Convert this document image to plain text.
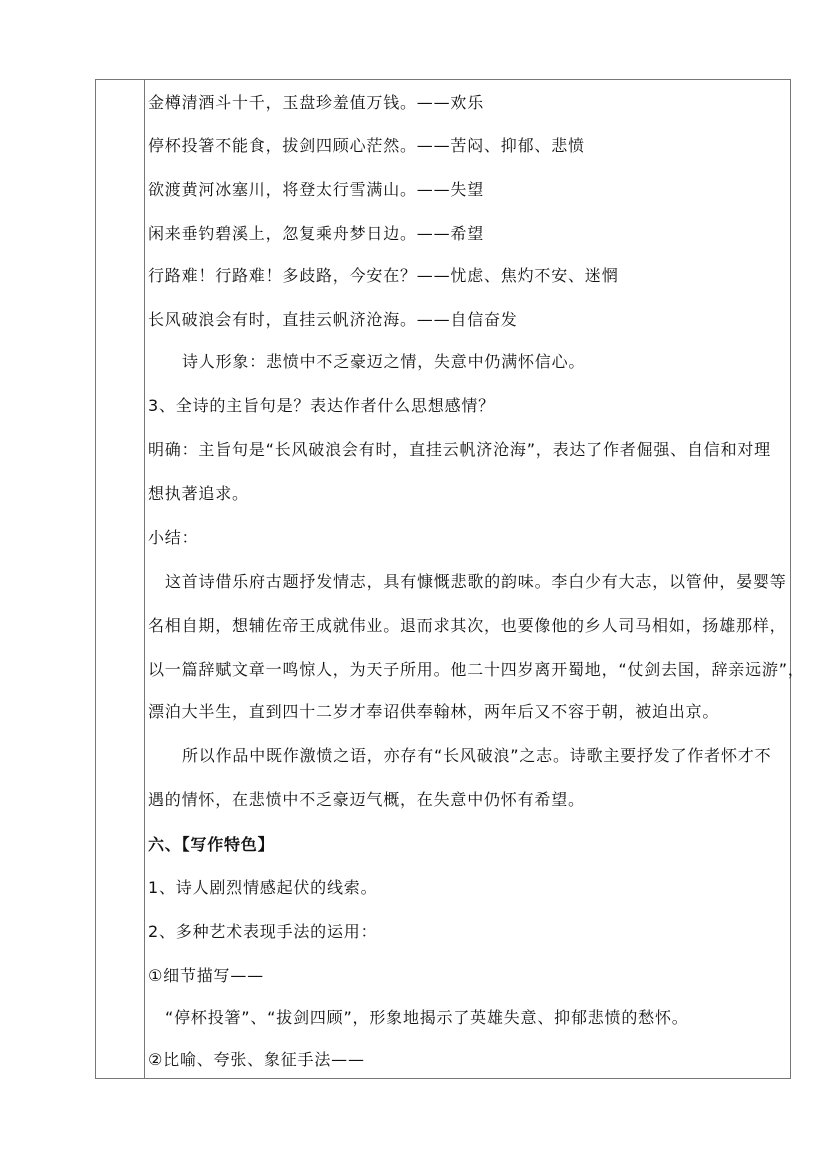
金樽清酒斗十千，玉盘珍羞值万钱。——欢乐
停杯投箸不能食，拔剑四顾心茫然。——苦闷、抑郁、悲愤
欲渡黄河冰塞川，将登太行雪满山。——失望
闲来垂钓碧溪上，忽复乘舟梦日边。——希望
行路难！行路难！多歧路，今安在？——忧虑、焦灼不安、迷惘
长风破浪会有时，直挂云帆济沧海。——自信奋发
诗人形象：悲愤中不乏豪迈之情，失意中仍满怀信心。
3、全诗的主旨句是？表达作者什么思想感情？
明确：主旨句是“长风破浪会有时，直挂云帆济沧海”，表达了作者倔强、自信和对理
想执著追求。
小结：
这首诗借乐府古题抒发情志，具有慷慨悲歌的韵味。李白少有大志，以管仲，晏婴等
名相自期，想辅佐帝王成就伟业。退而求其次，也要像他的乡人司马相如，扬雄那样，
以一篇辞赋文章一鸣惊人，为天子所用。他二十四岁离开蜀地，“仗剑去国，辞亲远游”，
漂泊大半生，直到四十二岁才奉诏供奉翰林，两年后又不容于朝，被迫出京。
所以作品中既作激愤之语，亦存有“长风破浪”之志。诗歌主要抒发了作者怀才不
遇的情怀，在悲愤中不乏豪迈气概，在失意中仍怀有希望。
六、【写作特色】
1、诗人剧烈情感起伏的线索。
2、多种艺术表现手法的运用：
①细节描写——
“停杯投箸”、“拔剑四顾”，形象地揭示了英雄失意、抑郁悲愤的愁怀。
②比喻、夸张、象征手法——
